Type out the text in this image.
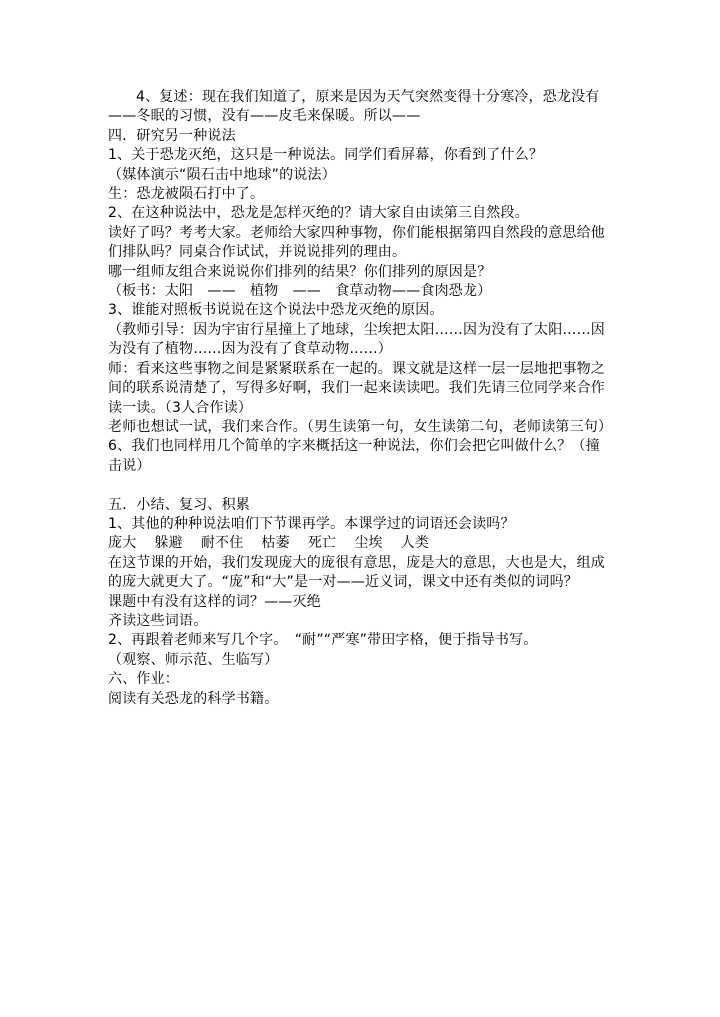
4、复述：现在我们知道了，原来是因为天气突然变得十分寒冷，恐龙没有
——冬眠的习惯，没有——皮毛来保暖。所以——
四．研究另一种说法
1、关于恐龙灭绝，这只是一种说法。同学们看屏幕，你看到了什么？
（媒体演示“陨石击中地球”的说法）
生：恐龙被陨石打中了。
2、在这种说法中，恐龙是怎样灭绝的？请大家自由读第三自然段。
读好了吗？考考大家。老师给大家四种事物，你们能根据第四自然段的意思给他
们排队吗？同桌合作试试，并说说排列的理由。
哪一组师友组合来说说你们排列的结果？你们排列的原因是？
（板书：太阳　——　植物　——　食草动物——食肉恐龙）
3、谁能对照板书说说在这个说法中恐龙灭绝的原因。
（教师引导：因为宇宙行星撞上了地球，尘埃把太阳……因为没有了太阳……因
为没有了植物……因为没有了食草动物……）
师：看来这些事物之间是紧紧联系在一起的。课文就是这样一层一层地把事物之
间的联系说清楚了，写得多好啊，我们一起来读读吧。我们先请三位同学来合作
读一读。（3人合作读）
老师也想试一试，我们来合作。（男生读第一句，女生读第二句，老师读第三句）
6、我们也同样用几个简单的字来概括这一种说法，你们会把它叫做什么？（撞
击说）
五．小结、复习、积累
1、其他的种种说法咱们下节课再学。本课学过的词语还会读吗？
庞大 躲避 耐不住 枯萎 死亡 尘埃 人类
在这节课的开始，我们发现庞大的庞很有意思，庞是大的意思，大也是大，组成
的庞大就更大了。“庞”和“大”是一对——近义词，课文中还有类似的词吗？
课题中有没有这样的词？——灭绝
齐读这些词语。
2、再跟着老师来写几个字。　“耐”“严寒”带田字格，便于指导书写。
（观察、师示范、生临写）
六、作业：
阅读有关恐龙的科学书籍。
